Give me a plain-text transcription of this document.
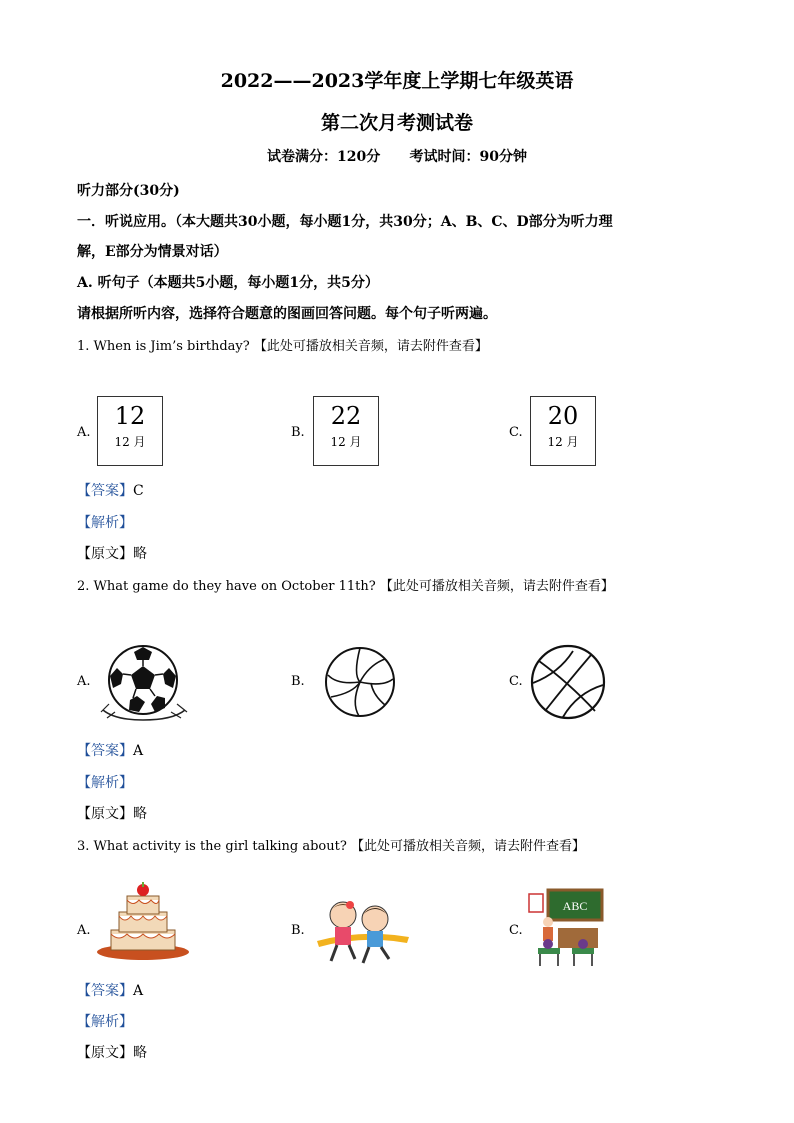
2022——2023学年度上学期七年级英语
第二次月考测试卷
试卷满分：120分      考试时间：90分钟
听力部分(30分)
一．听说应用。（本大题共30小题，每小题1分，共30分；A、B、C、D部分为听力理
解，E部分为情景对话）
A. 听句子（本题共5小题，每小题1分，共5分）
请根据所听内容，选择符合题意的图画回答问题。每个句子听两遍。
1. When is Jim’s birthday? 【此处可播放相关音频，请去附件查看】
A.
12
12 月
B.
22
12 月
C.
20
12 月
【答案】C
【解析】
【原文】略
2. What game do they have on October 11th? 【此处可播放相关音频，请去附件查看】
A.	B.	C.
【答案】A
【解析】
【原文】略
3. What activity is the girl talking about? 【此处可播放相关音频，请去附件查看】
A.	B.	C.
ABC
【答案】A
【解析】
【原文】略
